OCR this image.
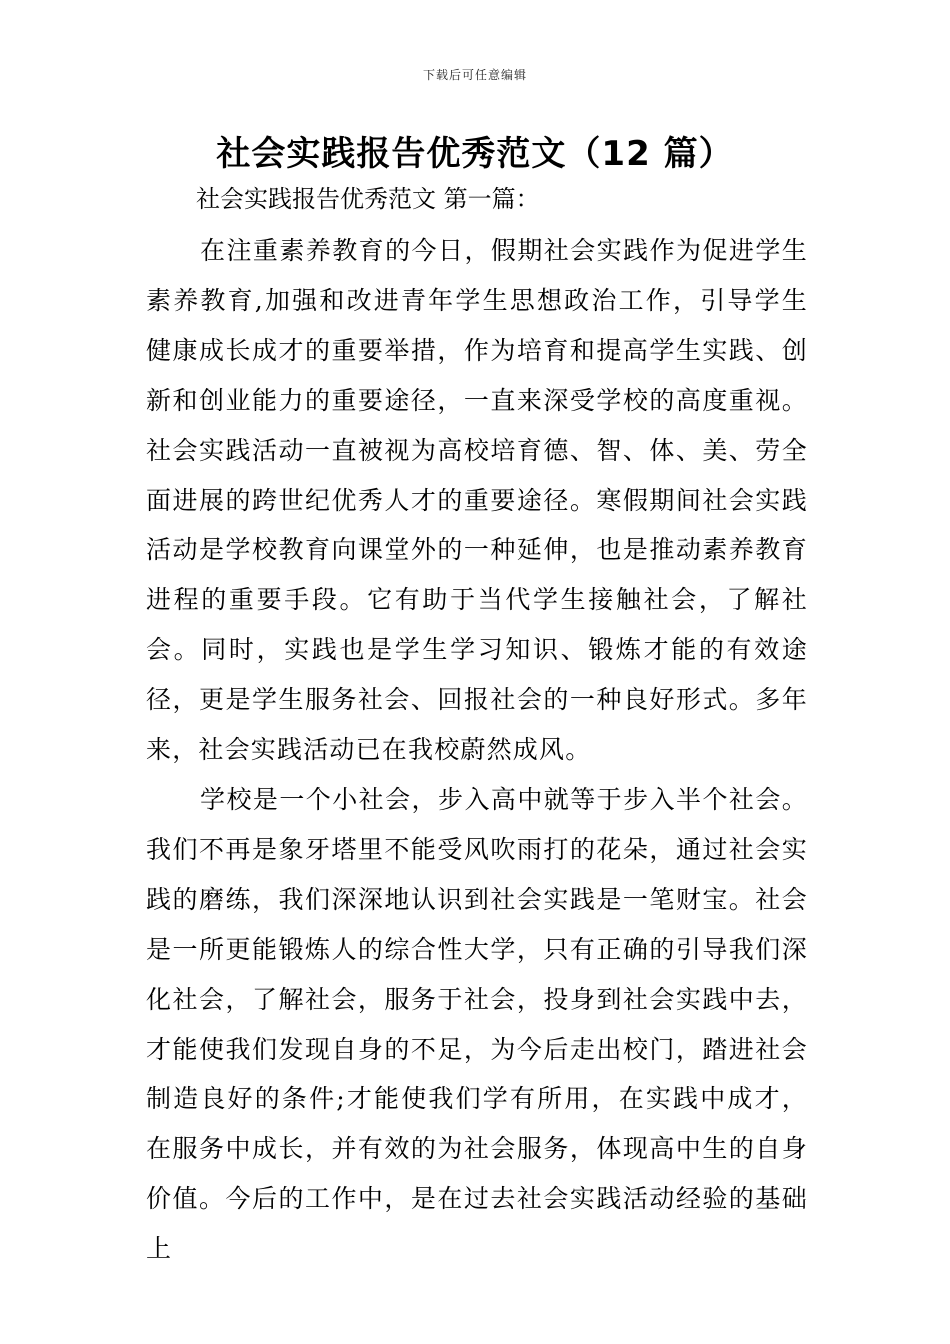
下载后可任意编辑
社会实践报告优秀范文（12 篇）
社会实践报告优秀范文 第一篇：

在注重素养教育的今日，假期社会实践作为促进学生素养教育,加强和改进青年学生思想政治工作，引导学生健康成长成才的重要举措，作为培育和提高学生实践、创新和创业能力的重要途径，一直来深受学校的高度重视。社会实践活动一直被视为高校培育德、智、体、美、劳全面进展的跨世纪优秀人才的重要途径。寒假期间社会实践活动是学校教育向课堂外的一种延伸，也是推动素养教育进程的重要手段。它有助于当代学生接触社会，了解社会。同时，实践也是学生学习知识、锻炼才能的有效途径，更是学生服务社会、回报社会的一种良好形式。多年来，社会实践活动已在我校蔚然成风。

学校是一个小社会，步入高中就等于步入半个社会。我们不再是象牙塔里不能受风吹雨打的花朵，通过社会实践的磨练，我们深深地认识到社会实践是一笔财宝。社会是一所更能锻炼人的综合性大学，只有正确的引导我们深化社会，了解社会，服务于社会，投身到社会实践中去，才能使我们发现自身的不足，为今后走出校门，踏进社会制造良好的条件;才能使我们学有所用，在实践中成才，在服务中成长，并有效的为社会服务，体现高中生的自身价值。今后的工作中，是在过去社会实践活动经验的基础上
